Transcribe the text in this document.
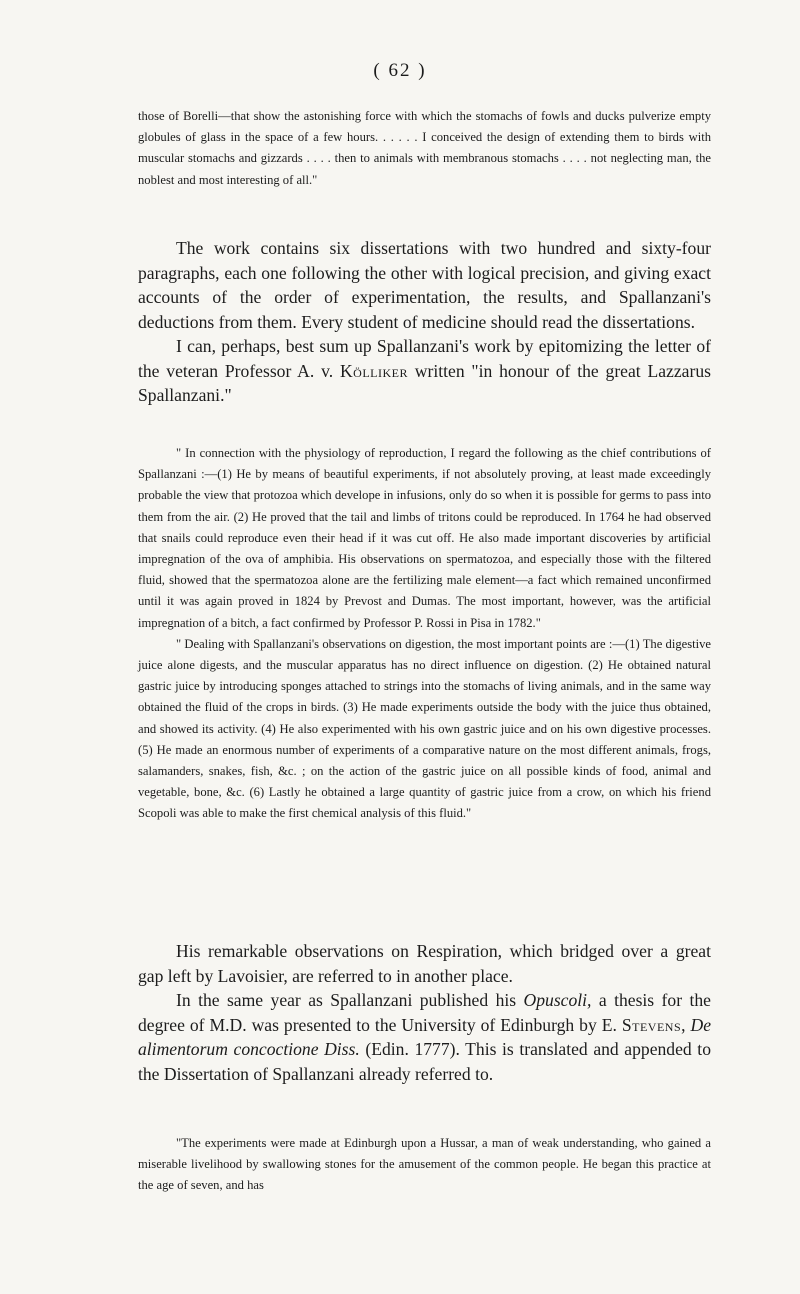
( 62 )

those of Borelli—that show the astonishing force with which the stomachs of fowls and ducks pulverize empty globules of glass in the space of a few hours. . . . . . I conceived the design of extending them to birds with muscular stomachs and gizzards . . . . then to animals with membranous stomachs . . . . not neglecting man, the noblest and most interesting of all."

The work contains six dissertations with two hundred and sixty-four paragraphs, each one following the other with logical precision, and giving exact accounts of the order of experimentation, the results, and Spallanzani's deductions from them. Every student of medicine should read the dissertations.

I can, perhaps, best sum up Spallanzani's work by epitomizing the letter of the veteran Professor A. v. Kölliker written "in honour of the great Lazzarus Spallanzani."

" In connection with the physiology of reproduction, I regard the following as the chief contributions of Spallanzani :—(1) He by means of beautiful experiments, if not absolutely proving, at least made exceedingly probable the view that protozoa which develope in infusions, only do so when it is possible for germs to pass into them from the air. (2) He proved that the tail and limbs of tritons could be reproduced. In 1764 he had observed that snails could reproduce even their head if it was cut off. He also made important discoveries by artificial impregnation of the ova of amphibia. His observations on spermatozoa, and especially those with the filtered fluid, showed that the spermatozoa alone are the fertilizing male element—a fact which remained unconfirmed until it was again proved in 1824 by Prevost and Dumas. The most important, however, was the artificial impregnation of a bitch, a fact confirmed by Professor P. Rossi in Pisa in 1782."

" Dealing with Spallanzani's observations on digestion, the most important points are :—(1) The digestive juice alone digests, and the muscular apparatus has no direct influence on digestion. (2) He obtained natural gastric juice by introducing sponges attached to strings into the stomachs of living animals, and in the same way obtained the fluid of the crops in birds. (3) He made experiments outside the body with the juice thus obtained, and showed its activity. (4) He also experimented with his own gastric juice and on his own digestive processes. (5) He made an enormous number of experiments of a comparative nature on the most different animals, frogs, salamanders, snakes, fish, &c. ; on the action of the gastric juice on all possible kinds of food, animal and vegetable, bone, &c. (6) Lastly he obtained a large quantity of gastric juice from a crow, on which his friend Scopoli was able to make the first chemical analysis of this fluid."

His remarkable observations on Respiration, which bridged over a great gap left by Lavoisier, are referred to in another place.

In the same year as Spallanzani published his Opuscoli, a thesis for the degree of M.D. was presented to the University of Edinburgh by E. Stevens, De alimentorum concoctione Diss. (Edin. 1777). This is translated and appended to the Dissertation of Spallanzani already referred to.

"The experiments were made at Edinburgh upon a Hussar, a man of weak understanding, who gained a miserable livelihood by swallowing stones for the amusement of the common people. He began this practice at the age of seven, and has
